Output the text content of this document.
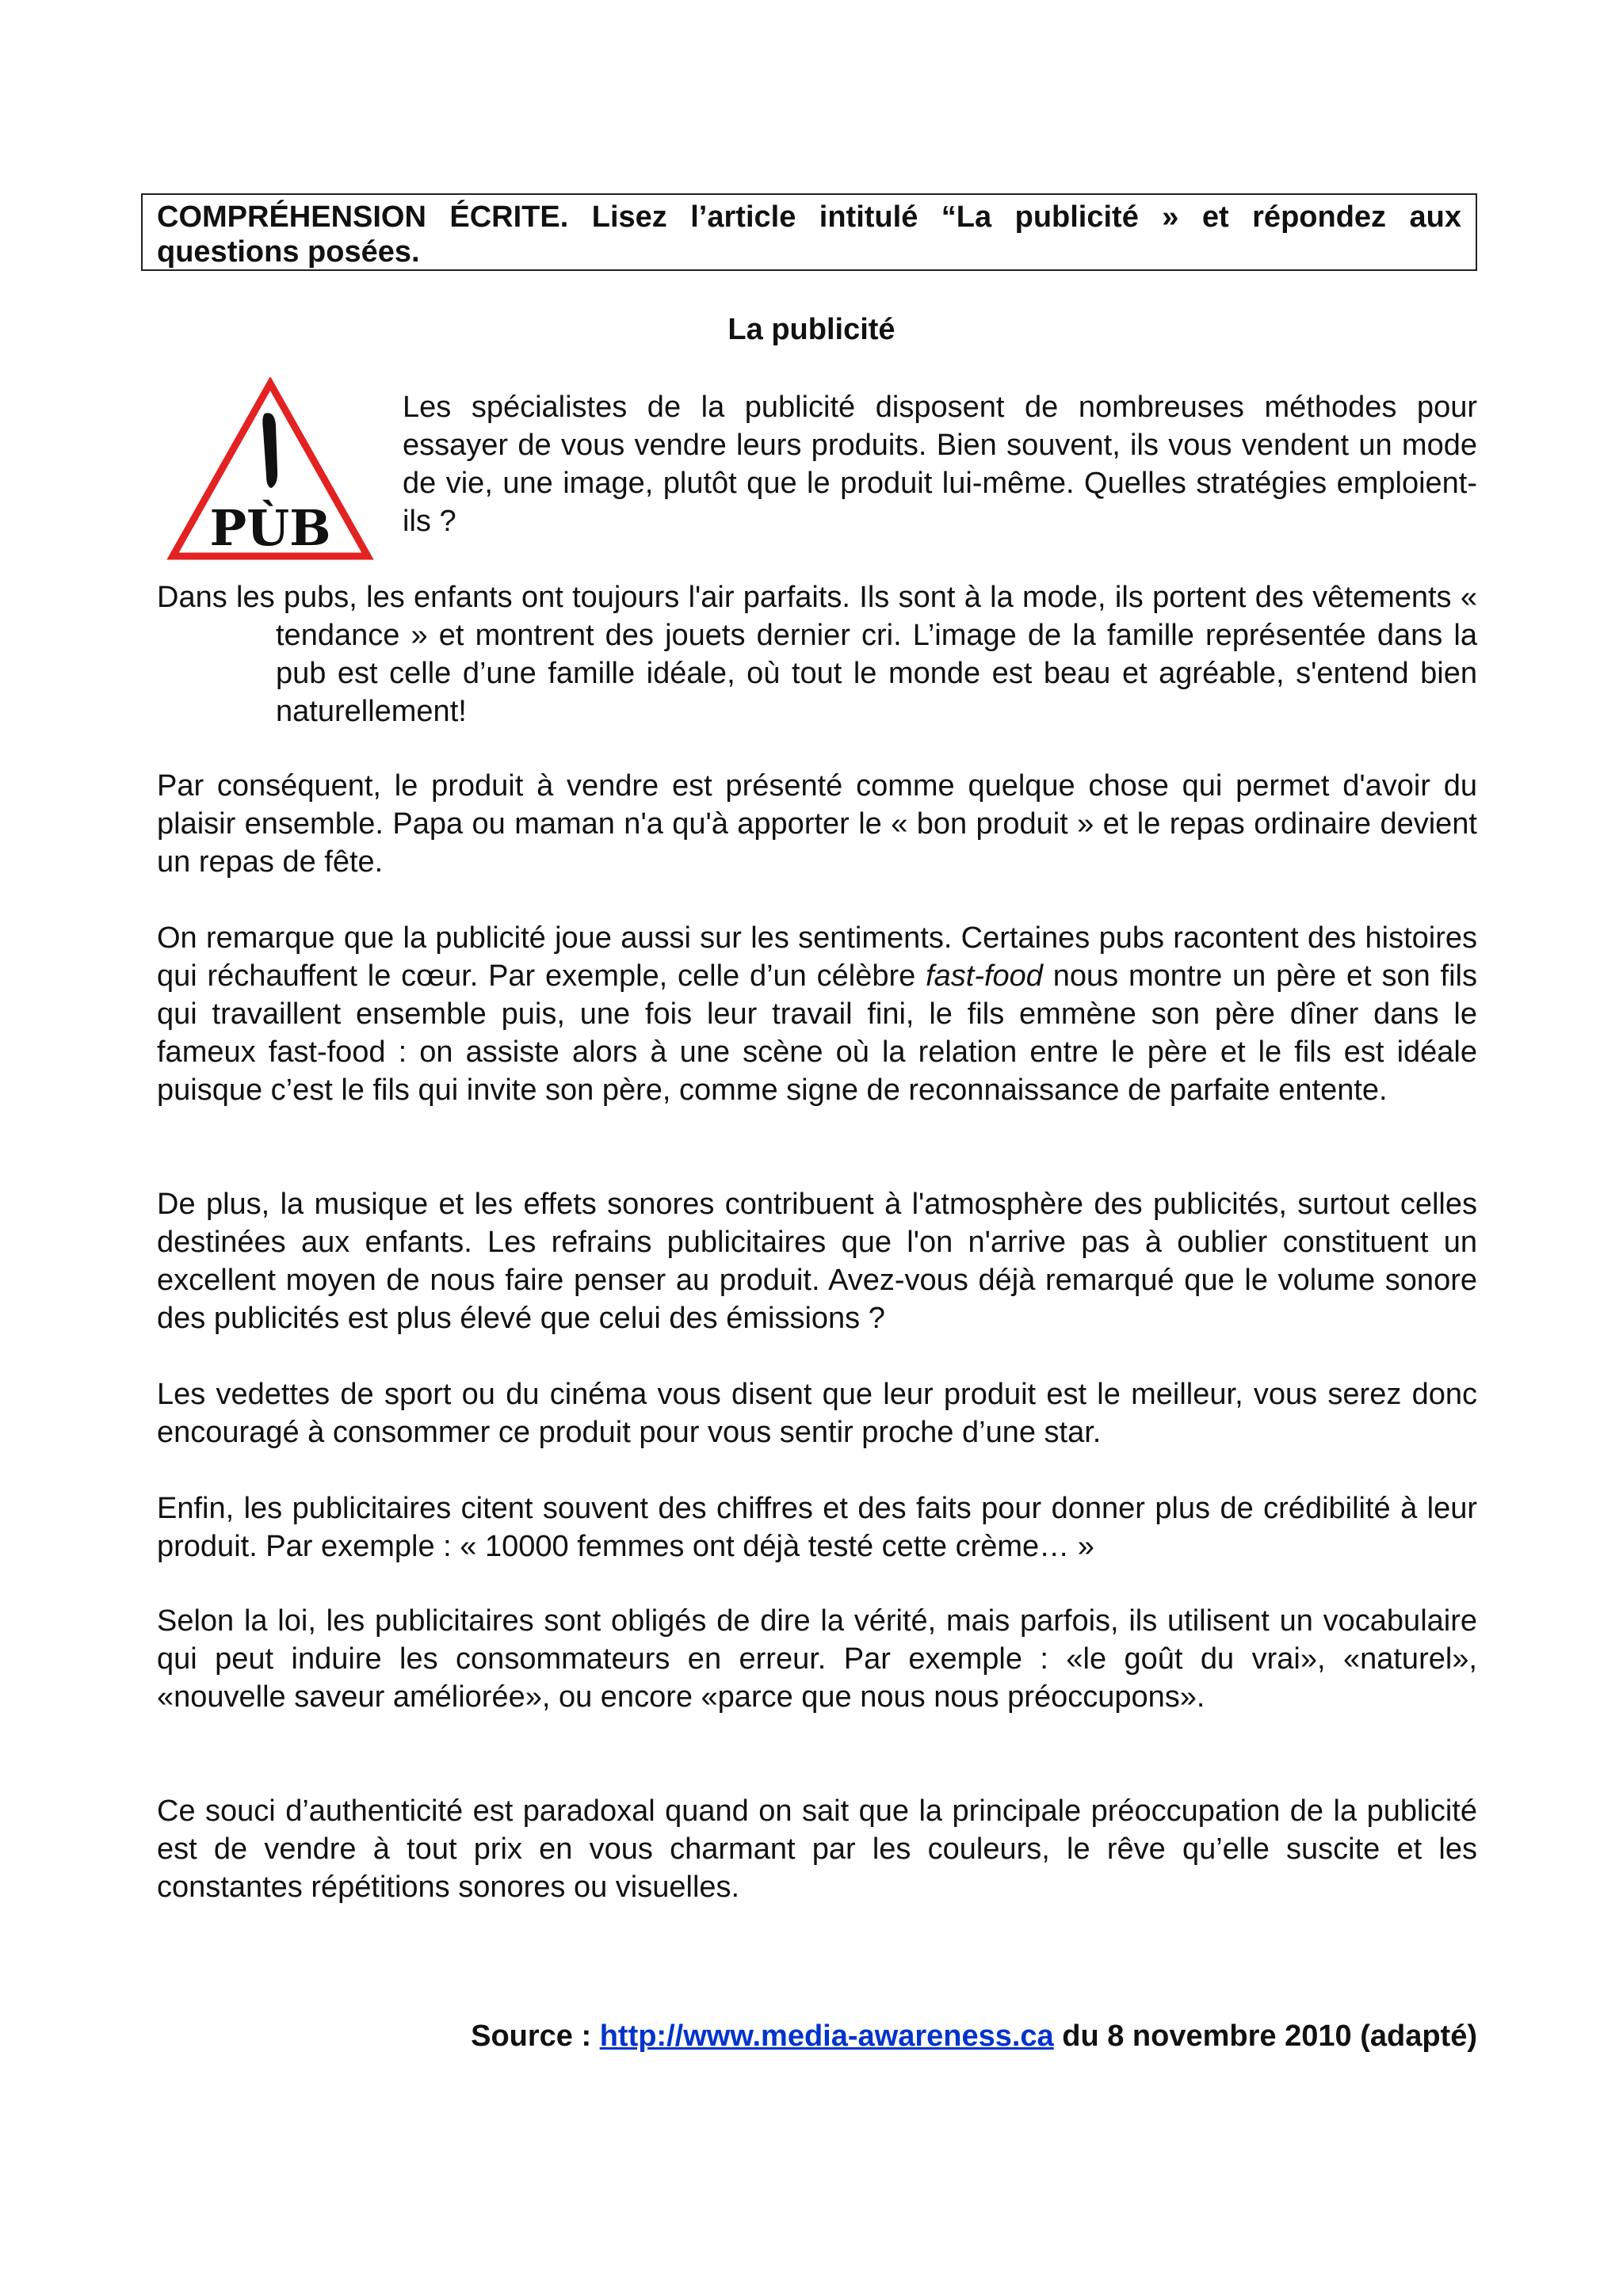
COMPRÉHENSION ÉCRITE. Lisez l’article intitulé “La publicité » et répondez aux questions posées.
La publicité
PÙB

Les spécialistes de la publicité disposent de nombreuses méthodes pour essayer de vous vendre leurs produits. Bien souvent, ils vous vendent un mode de vie, une image, plutôt que le produit lui-même. Quelles stratégies emploient-ils ?

Dans les pubs, les enfants ont toujours l'air parfaits. Ils sont à la mode, ils portent des vêtements « tendance » et montrent des jouets dernier cri. L’image de la famille représentée dans la pub est celle d’une famille idéale, où tout le monde est beau et agréable, s'entend bien naturellement!

Par conséquent, le produit à vendre est présenté comme quelque chose qui permet d'avoir du plaisir ensemble. Papa ou maman n'a qu'à apporter le « bon produit » et le repas ordinaire devient un repas de fête.

On remarque que la publicité joue aussi sur les sentiments. Certaines pubs racontent des histoires qui réchauffent le cœur. Par exemple, celle d’un célèbre fast-food nous montre un père et son fils qui travaillent ensemble puis, une fois leur travail fini, le fils emmène son père dîner dans le fameux fast-food : on assiste alors à une scène où la relation entre le père et le fils est idéale puisque c’est le fils qui invite son père, comme signe de reconnaissance de parfaite entente.

De plus, la musique et les effets sonores contribuent à l'atmosphère des publicités, surtout celles destinées aux enfants. Les refrains publicitaires que l'on n'arrive pas à oublier constituent un excellent moyen de nous faire penser au produit. Avez-vous déjà remarqué que le volume sonore des publicités est plus élevé que celui des émissions ?

Les vedettes de sport ou du cinéma vous disent que leur produit est le meilleur, vous serez donc encouragé à consommer ce produit pour vous sentir proche d’une star.

Enfin, les publicitaires citent souvent des chiffres et des faits pour donner plus de crédibilité à leur produit. Par exemple : « 10000 femmes ont déjà testé cette crème… »

Selon la loi, les publicitaires sont obligés de dire la vérité, mais parfois, ils utilisent un vocabulaire qui peut induire les consommateurs en erreur. Par exemple : «le goût du vrai», «naturel», «nouvelle saveur améliorée», ou encore «parce que nous nous préoccupons».

Ce souci d’authenticité est paradoxal quand on sait que la principale préoccupation de la publicité est de vendre à tout prix en vous charmant par les couleurs, le rêve qu’elle suscite et les constantes répétitions sonores ou visuelles.

Source : http://www.media-awareness.ca du 8 novembre 2010 (adapté)
